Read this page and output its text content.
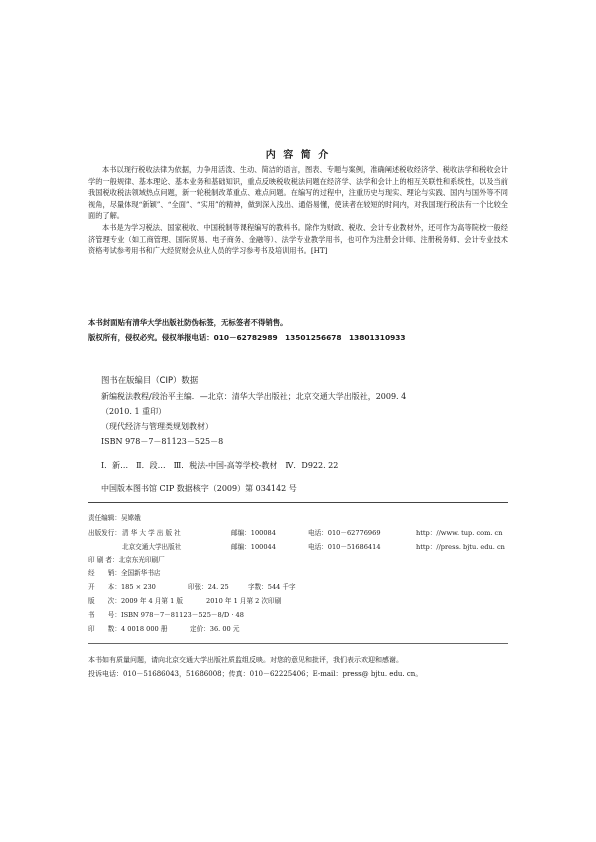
内 容 简 介

本书以现行税收法律为依据，力争用活泼、生动、简洁的语言，图表、专题与案例，准确阐述税收经济学、税收法学和税收会计学的一般规律、基本理论、基本业务和基础知识，重点反映税收税法问题在经济学、法学和会计上的相互关联性和系统性，以及当前我国税收税法领域热点问题，新一轮税制改革重点、难点问题。在编写的过程中，注重历史与现实、理论与实践、国内与国外等不同视角，尽量体现“新颖”、“全面”、“实用”的精神，做到深入浅出、通俗易懂，使读者在较短的时间内，对我国现行税法有一个比较全面的了解。

本书是为学习税法、国家税收、中国税制等课程编写的教科书。除作为财政、税收、会计专业教材外，还可作为高等院校一般经济管理专业（如工商管理、国际贸易、电子商务、金融等）、法学专业教学用书，也可作为注册会计师、注册税务师、会计专业技术资格考试参考用书和广大经贸财会从业人员的学习参考书及培训用书。[HT]

本书封面贴有清华大学出版社防伪标签，无标签者不得销售。
版权所有，侵权必究。侵权举报电话：010－62782989　13501256678　13801310933
图书在版编目（CIP）数据
新编税法教程/段治平主编．—北京：清华大学出版社；北京交通大学出版社，2009. 4
（2010. 1 重印）
（现代经济与管理类规划教材）
ISBN 978－7－81123－525－8
Ⅰ．新…　Ⅱ．段…　Ⅲ．税法-中国-高等学校-教材　Ⅳ．D922. 22
中国版本图书馆 CIP 数据核字（2009）第 034142 号
责任编辑：吴嫦娥
出版发行： 清 华 大 学 出 版 社	邮编：100084	电话：010－62776969	http：//www. tup. com. cn
北京交通大学出版社	邮编：100044	电话：010－51686414	http：//press. bjtu. edu. cn
印 刷 者：北京东光印刷厂
经　　销：全国新华书店
开　　本：185 × 230	印张：24. 25	字数：544 千字
版　　次：2009 年 4 月第 1 版	2010 年 1 月第 2 次印刷
书　　号：ISBN 978－7－81123－525－8/D · 48
印　　数：4 0018 000 册	定价：36. 00 元
本书如有质量问题，请向北京交通大学出版社质监组反映。对您的意见和批评，我们表示欢迎和感谢。
投诉电话：010－51686043，51686008；传真：010－62225406；E-mail：press@ bjtu. edu. cn。
